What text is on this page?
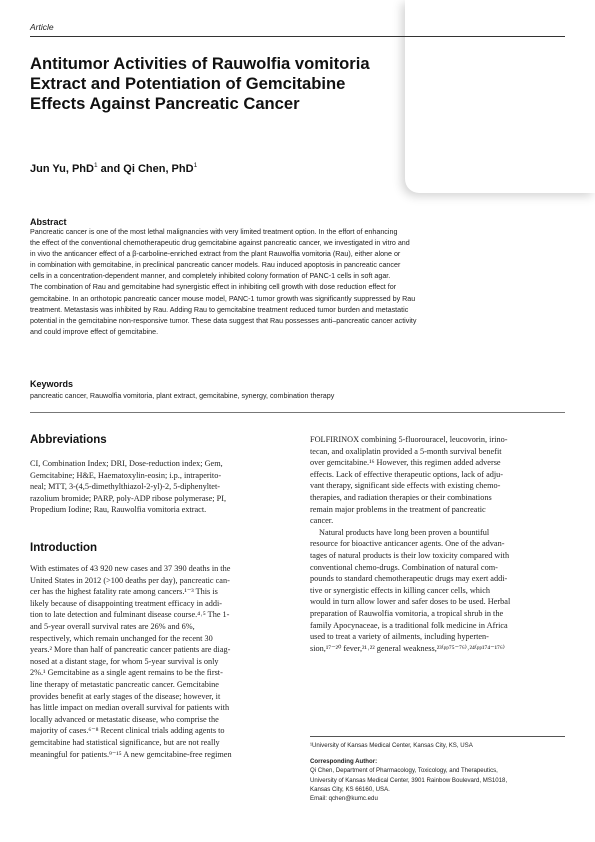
Article
Antitumor Activities of Rauwolfia vomitoria
Extract and Potentiation of Gemcitabine
Effects Against Pancreatic Cancer
Jun Yu, PhD$^1$ and Qi Chen, PhD$^1$
Abstract
Pancreatic cancer is one of the most lethal malignancies with very limited treatment option. In the effort of enhancing
the effect of the conventional chemotherapeutic drug gemcitabine against pancreatic cancer, we investigated in vitro and
in vivo the anticancer effect of a β-carboline-enriched extract from the plant Rauwolfia vomitoria (Rau), either alone or
in combination with gemcitabine, in preclinical pancreatic cancer models. Rau induced apoptosis in pancreatic cancer
cells in a concentration-dependent manner, and completely inhibited colony formation of PANC-1 cells in soft agar.
The combination of Rau and gemcitabine had synergistic effect in inhibiting cell growth with dose reduction effect for
gemcitabine. In an orthotopic pancreatic cancer mouse model, PANC-1 tumor growth was significantly suppressed by Rau
treatment. Metastasis was inhibited by Rau. Adding Rau to gemcitabine treatment reduced tumor burden and metastatic
potential in the gemcitabine non-responsive tumor. These data suggest that Rau possesses anti–pancreatic cancer activity
and could improve effect of gemcitabine.
Keywords
pancreatic cancer, Rauwolfia vomitoria, plant extract, gemcitabine, synergy, combination therapy
Abbreviations
CI, Combination Index; DRI, Dose-reduction index; Gem,
Gemcitabine; H&E, Haematoxylin-eosin; i.p., intraperito-
neal; MTT, 3-(4,5-dimethylthiazol-2-yl)-2, 5-diphenyltet-
razolium bromide; PARP, poly-ADP ribose polymerase; PI,
Propedium Iodine; Rau, Rauwolfia vomitoria extract.
Introduction
With estimates of 43 920 new cases and 37 390 deaths in the
United States in 2012 (>100 deaths per day), pancreatic can-
cer has the highest fatality rate among cancers.¹⁻³ This is
likely because of disappointing treatment efficacy in addi-
tion to late detection and fulminant disease course.⁴˒⁵ The 1-
and 5-year overall survival rates are 26% and 6%,
respectively, which remain unchanged for the recent 30
years.² More than half of pancreatic cancer patients are diag-
nosed at a distant stage, for whom 5-year survival is only
2%.¹ Gemcitabine as a single agent remains to be the first-
line therapy of metastatic pancreatic cancer. Gemcitabine
provides benefit at early stages of the disease; however, it
has little impact on median overall survival for patients with
locally advanced or metastatic disease, who comprise the
majority of cases.⁶⁻⁸ Recent clinical trials adding agents to
gemcitabine had statistical significance, but are not really
meaningful for patients.⁹⁻¹⁵ A new gemcitabine-free regimen
FOLFIRINOX combining 5-fluorouracel, leucovorin, irino-
tecan, and oxaliplatin provided a 5-month survival benefit
over gemcitabine.¹⁶ However, this regimen added adverse
effects. Lack of effective therapeutic options, lack of adju-
vant therapy, significant side effects with existing chemo-
therapies, and radiation therapies or their combinations
remain major problems in the treatment of pancreatic
cancer.
Natural products have long been proven a bountiful
resource for bioactive anticancer agents. One of the advan-
tages of natural products is their low toxicity compared with
conventional chemo-drugs. Combination of natural com-
pounds to standard chemotherapeutic drugs may exert addi-
tive or synergistic effects in killing cancer cells, which
would in turn allow lower and safer doses to be used. Herbal
preparation of Rauwolfia vomitoria, a tropical shrub in the
family Apocynaceae, is a traditional folk medicine in Africa
used to treat a variety of ailments, including hyperten-
sion,¹⁷⁻²⁰ fever,²¹˒²² general weakness,²³⁽ᵖᵖ⁷⁵⁻⁷⁶⁾˒²⁴⁽ᵖᵖ¹⁷⁴⁻¹⁷⁶⁾
¹University of Kansas Medical Center, Kansas City, KS, USA
Corresponding Author:
Qi Chen, Department of Pharmacology, Toxicology, and Therapeutics,
University of Kansas Medical Center, 3901 Rainbow Boulevard, MS1018,
Kansas City, KS 66160, USA.
Email: qchen@kumc.edu
